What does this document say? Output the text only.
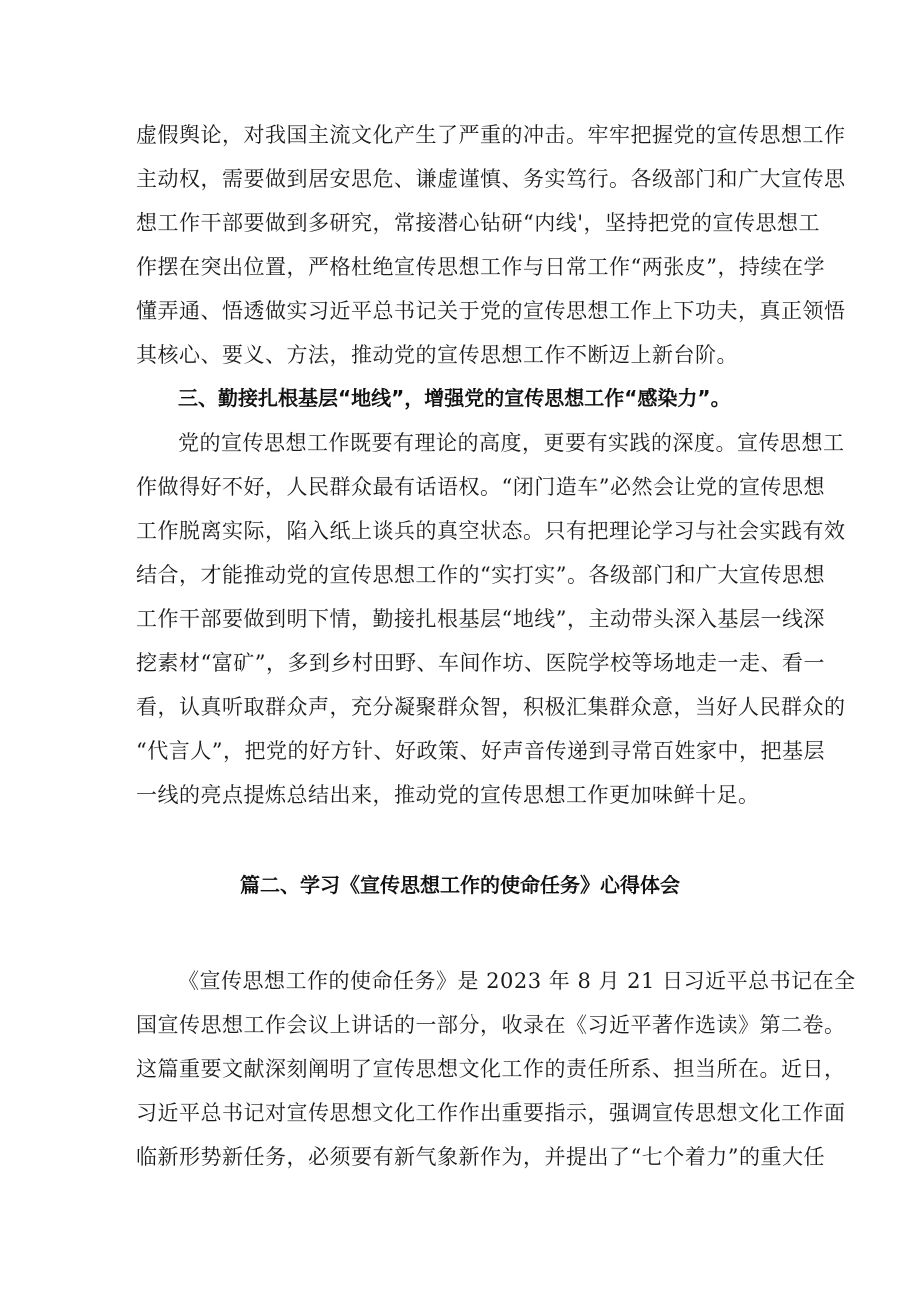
虚假舆论，对我国主流文化产生了严重的冲击。牢牢把握党的宣传思想工作
主动权，需要做到居安思危、谦虚谨慎、务实笃行。各级部门和广大宣传思
想工作干部要做到多研究，常接潜心钻研“内线'，坚持把党的宣传思想工
作摆在突出位置，严格杜绝宣传思想工作与日常工作“两张皮”，持续在学
懂弄通、悟透做实习近平总书记关于党的宣传思想工作上下功夫，真正领悟
其核心、要义、方法，推动党的宣传思想工作不断迈上新台阶。
三、勤接扎根基层“地线”，增强党的宣传思想工作“感染力”。
党的宣传思想工作既要有理论的高度，更要有实践的深度。宣传思想工
作做得好不好，人民群众最有话语权。“闭门造车”必然会让党的宣传思想
工作脱离实际，陷入纸上谈兵的真空状态。只有把理论学习与社会实践有效
结合，才能推动党的宣传思想工作的“实打实”。各级部门和广大宣传思想
工作干部要做到明下情，勤接扎根基层“地线”，主动带头深入基层一线深
挖素材“富矿”，多到乡村田野、车间作坊、医院学校等场地走一走、看一
看，认真听取群众声，充分凝聚群众智，积极汇集群众意，当好人民群众的
“代言人”，把党的好方针、好政策、好声音传递到寻常百姓家中，把基层
一线的亮点提炼总结出来，推动党的宣传思想工作更加味鲜十足。
篇二、学习《宣传思想工作的使命任务》心得体会
《宣传思想工作的使命任务》是 2023 年 8 月 21 日习近平总书记在全
国宣传思想工作会议上讲话的一部分，收录在《习近平著作选读》第二卷。
这篇重要文献深刻阐明了宣传思想文化工作的责任所系、担当所在。近日，
习近平总书记对宣传思想文化工作作出重要指示，强调宣传思想文化工作面
临新形势新任务，必须要有新气象新作为，并提出了“七个着力”的重大任
